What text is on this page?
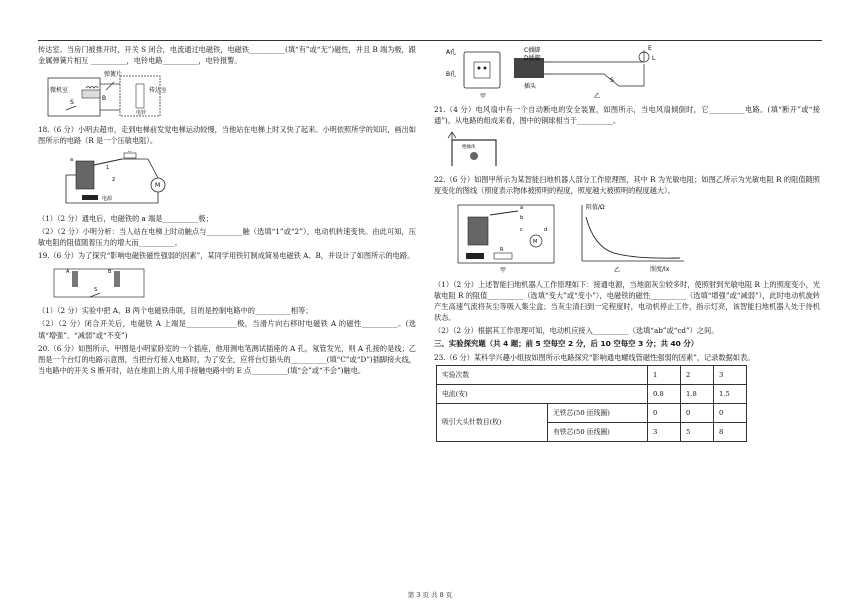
传达室。当房门被推开时，开关 S 闭合，电流通过电磁铁，电磁铁__________(填“有”或“无”)磁性，并且 B 端为极，跟金属弹簧片相互 __________，电铃电路__________，电铃报警。

微机室	传达室
弹簧片
B
S
电铃

18.（6 分）小明去超市，走到电梯前发觉电梯运动较慢，当他站在电梯上时又快了起来。小明依照所学的知识，画出如图所示的电路（R 是一个压敏电阻）。

R
a
1
2
M
电源

（1）（2 分）通电后，电磁铁的 a 端是__________极；

（2）（2 分）小明分析：当人站在电梯上时动触点与__________触（选填“1”或“2”），电动机转速变快。由此可知，压敏电阻的阻值随着压力的增大而__________。

19.（6 分）为了探究“影响电磁铁磁性强弱的因素”，某同学用铁钉制成简易电磁铁 A、B，并设计了如图所示的电路。

A	B
S

（1）（2 分）实验中把 A、B 两个电磁铁串联，目的是控制电路中的__________相等；

（2）（2 分）闭合开关后，电磁铁 A 上端是______________极，当滑片向右移时电磁铁 A 的磁性__________。(选填“增强”、“减弱”或“不变”)

20.（6 分）如图所示，甲图是小明家卧室的一个插座，他用测电笔测试插座的 A 孔，氖管发光，则 A 孔接的是线；乙图是一个台灯的电路示意图，当把台灯接入电路时，为了安全，应将台灯插头的__________(填“C”或“D”)插脚接火线，当电路中的开关 S 断开时，站在地面上的人用手接触电路中的 E 点__________(填“会”或“不会”)触电。

A孔
B孔
C插脚
D插脚
插头
甲	乙
E
L
S

21.（4 分）电风扇中有一个自动断电的安全装置，如图所示，当电风扇倾倒时，它__________电路。(填“断开”或“接通”)。从电路的组成来看，图中的铜球相当于__________。

绝缘体

22.（6 分）如图甲所示为某智能扫地机器人部分工作原理图，其中 R 为光敏电阻；如图乙所示为光敏电阻 R 的阻值随照度变化的图线（照度表示物体被照明的程度，照度越大被照明的程度越大）。

a
b
c	d
R
M
甲
阻值/Ω
照度/lx
乙

（1）（2 分）上述智能扫地机器人工作原理如下：接通电源，当地面灰尘较多时，使照射到光敏电阻 R 上的照度变小，光敏电阻 R 的阻值__________（选填“变大”或“变小”），电磁铁的磁性__________（选填“增强”或“减弱”），此时电动机旋转产生高速气流将灰尘等吸入集尘盒；当灰尘清扫到一定程度时，电动机停止工作，指示灯亮，该智能扫地机器人处于待机状态。

（2）（2 分）根据其工作原理可知，电动机应接入__________（选填“ab”或“cd”）之间。

三、实验探究题（共 4 题；前 5 空每空 2 分，后 10 空每空 3 分；共 40 分）

23.（6 分）某科学兴趣小组按如图所示电路探究“影响通电螺线管磁性强弱的因素”，记录数据如表。

实验次数		1	2	3
电流(安)		0.8	1.8	1.5
吸引大头针数目(枚)	无铁芯(50 匝线圈)	0	0	0
	有铁芯(50 匝线圈)	3	5	8
第 3 页 共 8 页
